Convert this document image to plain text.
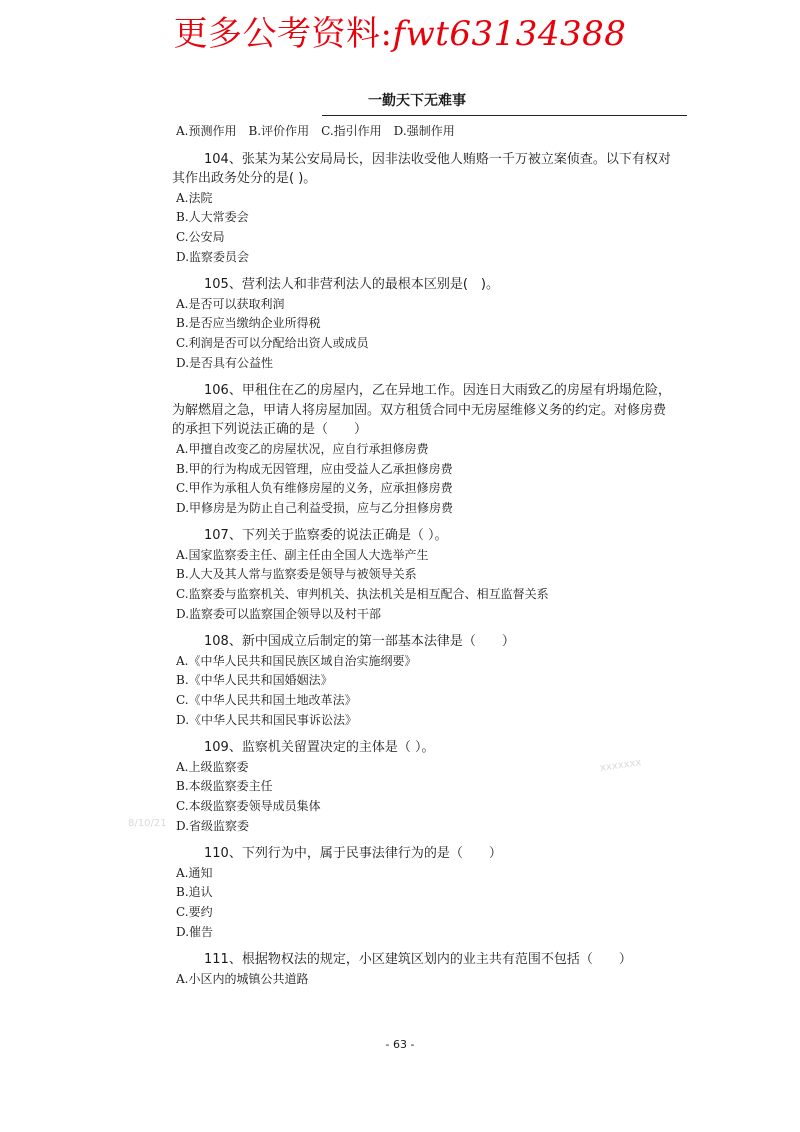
更多公考资料:fwt63134388
一勤天下无难事
8/10/21
xxxxxxx
A.预测作用　B.评价作用　C.指引作用　D.强制作用
104、张某为某公安局局长，因非法收受他人贿赂一千万被立案侦查。以下有权对
其作出政务处分的是( )。
A.法院
B.人大常委会
C.公安局
D.监察委员会
105、营利法人和非营利法人的最根本区别是(　)。
A.是否可以获取利润
B.是否应当缴纳企业所得税
C.利润是否可以分配给出资人或成员
D.是否具有公益性
106、甲租住在乙的房屋内，乙在异地工作。因连日大雨致乙的房屋有坍塌危险，
为解燃眉之急，甲请人将房屋加固。双方租赁合同中无房屋维修义务的约定。对修房费
的承担下列说法正确的是（　　）
A.甲擅自改变乙的房屋状况，应自行承担修房费
B.甲的行为构成无因管理，应由受益人乙承担修房费
C.甲作为承租人负有维修房屋的义务，应承担修房费
D.甲修房是为防止自己利益受损，应与乙分担修房费
107、下列关于监察委的说法正确是（ ）。
A.国家监察委主任、副主任由全国人大选举产生
B.人大及其人常与监察委是领导与被领导关系
C.监察委与监察机关、审判机关、执法机关是相互配合、相互监督关系
D.监察委可以监察国企领导以及村干部
108、新中国成立后制定的第一部基本法律是（　　）
A.《中华人民共和国民族区域自治实施纲要》
B.《中华人民共和国婚姻法》
C.《中华人民共和国土地改革法》
D.《中华人民共和国民事诉讼法》
109、监察机关留置决定的主体是（ ）。
A.上级监察委
B.本级监察委主任
C.本级监察委领导成员集体
D.省级监察委
110、下列行为中，属于民事法律行为的是（　　）
A.通知
B.追认
C.要约
D.催告
111、根据物权法的规定，小区建筑区划内的业主共有范围不包括（　　）
A.小区内的城镇公共道路
- 63 -
